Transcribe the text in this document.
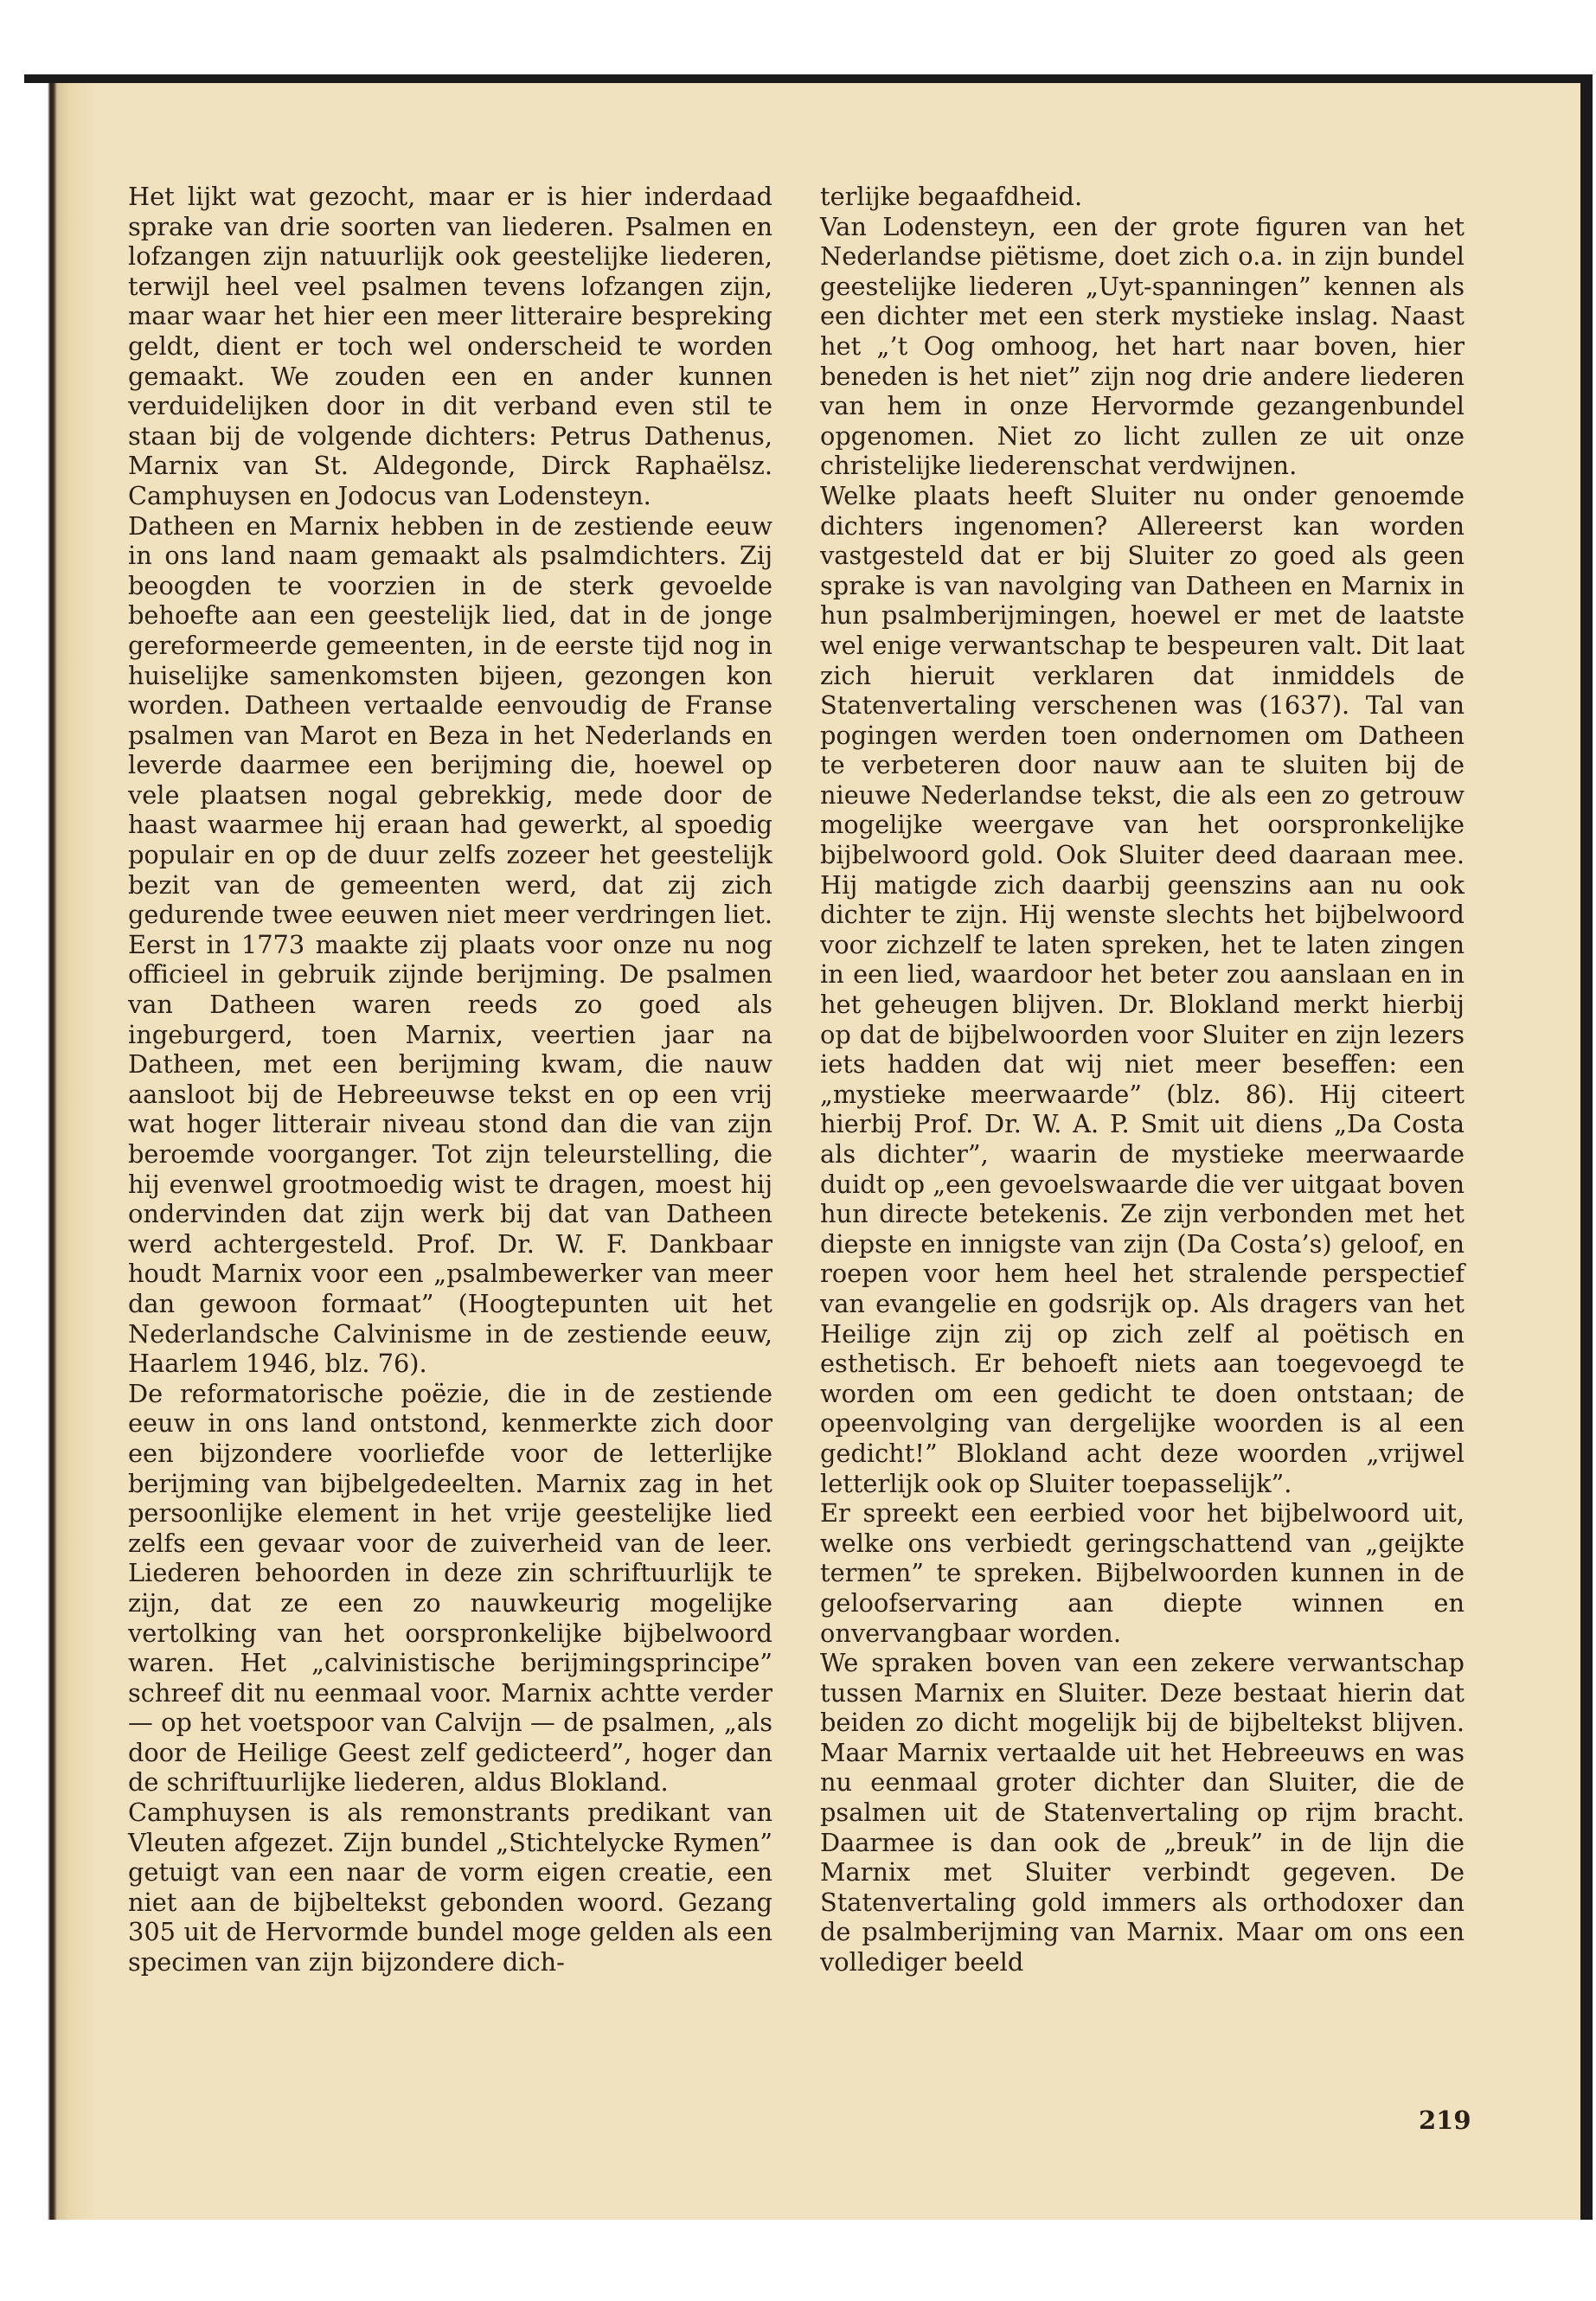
Het lijkt wat gezocht, maar er is hier inderdaad sprake van drie soorten van liederen. Psalmen en lofzangen zijn natuurlijk ook geestelijke liederen, terwijl heel veel psalmen tevens lofzangen zijn, maar waar het hier een meer litteraire bespreking geldt, dient er toch wel onderscheid te worden gemaakt. We zouden een en ander kunnen verduidelijken door in dit verband even stil te staan bij de volgende dichters: Petrus Dathenus, Marnix van St. Aldegonde, Dirck Raphaëlsz. Camphuysen en Jodocus van Lodensteyn.

Datheen en Marnix hebben in de zestiende eeuw in ons land naam gemaakt als psalmdichters. Zij beoogden te voorzien in de sterk gevoelde behoefte aan een geestelijk lied, dat in de jonge gereformeerde gemeenten, in de eerste tijd nog in huiselijke samenkomsten bijeen, gezongen kon worden. Datheen vertaalde eenvoudig de Franse psalmen van Marot en Beza in het Nederlands en leverde daarmee een berijming die, hoewel op vele plaatsen nogal gebrekkig, mede door de haast waarmee hij eraan had gewerkt, al spoedig populair en op de duur zelfs zozeer het geestelijk bezit van de gemeenten werd, dat zij zich gedurende twee eeuwen niet meer verdringen liet. Eerst in 1773 maakte zij plaats voor onze nu nog officieel in gebruik zijnde berijming. De psalmen van Datheen waren reeds zo goed als ingeburgerd, toen Marnix, veertien jaar na Datheen, met een berijming kwam, die nauw aansloot bij de Hebreeuwse tekst en op een vrij wat hoger litterair niveau stond dan die van zijn beroemde voorganger. Tot zijn teleurstelling, die hij evenwel grootmoedig wist te dragen, moest hij ondervinden dat zijn werk bij dat van Datheen werd achtergesteld. Prof. Dr. W. F. Dankbaar houdt Marnix voor een „psalmbewerker van meer dan gewoon formaat” (Hoogtepunten uit het Nederlandsche Calvinisme in de zestiende eeuw, Haarlem 1946, blz. 76).

De reformatorische poëzie, die in de zestiende eeuw in ons land ontstond, kenmerkte zich door een bijzondere voorliefde voor de letterlijke berijming van bijbelgedeelten. Marnix zag in het persoonlijke element in het vrije geestelijke lied zelfs een gevaar voor de zuiverheid van de leer. Liederen behoorden in deze zin schriftuurlijk te zijn, dat ze een zo nauwkeurig mogelijke vertolking van het oorspronkelijke bijbelwoord waren. Het „calvinistische berijmingsprincipe” schreef dit nu eenmaal voor. Marnix achtte verder — op het voetspoor van Calvijn — de psalmen, „als door de Heilige Geest zelf gedicteerd”, hoger dan de schriftuurlijke liederen, aldus Blokland.

Camphuysen is als remonstrants predikant van Vleuten afgezet. Zijn bundel „Stichtelycke Rymen” getuigt van een naar de vorm eigen creatie, een niet aan de bijbeltekst gebonden woord. Gezang 305 uit de Hervormde bundel moge gelden als een specimen van zijn bijzondere dich-

terlijke begaafdheid.

Van Lodensteyn, een der grote figuren van het Nederlandse piëtisme, doet zich o.a. in zijn bundel geestelijke liederen „Uyt-spanningen” kennen als een dichter met een sterk mystieke inslag. Naast het „’t Oog omhoog, het hart naar boven, hier beneden is het niet” zijn nog drie andere liederen van hem in onze Hervormde gezangenbundel opgenomen. Niet zo licht zullen ze uit onze christelijke liederenschat verdwijnen.

Welke plaats heeft Sluiter nu onder genoemde dichters ingenomen? Allereerst kan worden vastgesteld dat er bij Sluiter zo goed als geen sprake is van navolging van Datheen en Marnix in hun psalmberijmingen, hoewel er met de laatste wel enige verwantschap te bespeuren valt. Dit laat zich hieruit verklaren dat inmiddels de Statenvertaling verschenen was (1637). Tal van pogingen werden toen ondernomen om Datheen te verbeteren door nauw aan te sluiten bij de nieuwe Nederlandse tekst, die als een zo getrouw mogelijke weergave van het oorspronkelijke bijbelwoord gold. Ook Sluiter deed daaraan mee. Hij matigde zich daarbij geenszins aan nu ook dichter te zijn. Hij wenste slechts het bijbelwoord voor zichzelf te laten spreken, het te laten zingen in een lied, waardoor het beter zou aanslaan en in het geheugen blijven. Dr. Blokland merkt hierbij op dat de bijbelwoorden voor Sluiter en zijn lezers iets hadden dat wij niet meer beseffen: een „mystieke meerwaarde” (blz. 86). Hij citeert hierbij Prof. Dr. W. A. P. Smit uit diens „Da Costa als dichter”, waarin de mystieke meerwaarde duidt op „een gevoelswaarde die ver uitgaat boven hun directe betekenis. Ze zijn verbonden met het diepste en innigste van zijn (Da Costa’s) geloof, en roepen voor hem heel het stralende perspectief van evangelie en godsrijk op. Als dragers van het Heilige zijn zij op zich zelf al poëtisch en esthetisch. Er behoeft niets aan toegevoegd te worden om een gedicht te doen ontstaan; de opeenvolging van dergelijke woorden is al een gedicht!” Blokland acht deze woorden „vrijwel letterlijk ook op Sluiter toepasselijk”.

Er spreekt een eerbied voor het bijbelwoord uit, welke ons verbiedt geringschattend van „geijkte termen” te spreken. Bijbelwoorden kunnen in de geloofservaring aan diepte winnen en onvervangbaar worden.

We spraken boven van een zekere verwantschap tussen Marnix en Sluiter. Deze bestaat hierin dat beiden zo dicht mogelijk bij de bijbeltekst blijven. Maar Marnix vertaalde uit het Hebreeuws en was nu eenmaal groter dichter dan Sluiter, die de psalmen uit de Statenvertaling op rijm bracht. Daarmee is dan ook de „breuk” in de lijn die Marnix met Sluiter verbindt gegeven. De Statenvertaling gold immers als orthodoxer dan de psalmberijming van Marnix. Maar om ons een vollediger beeld

219
